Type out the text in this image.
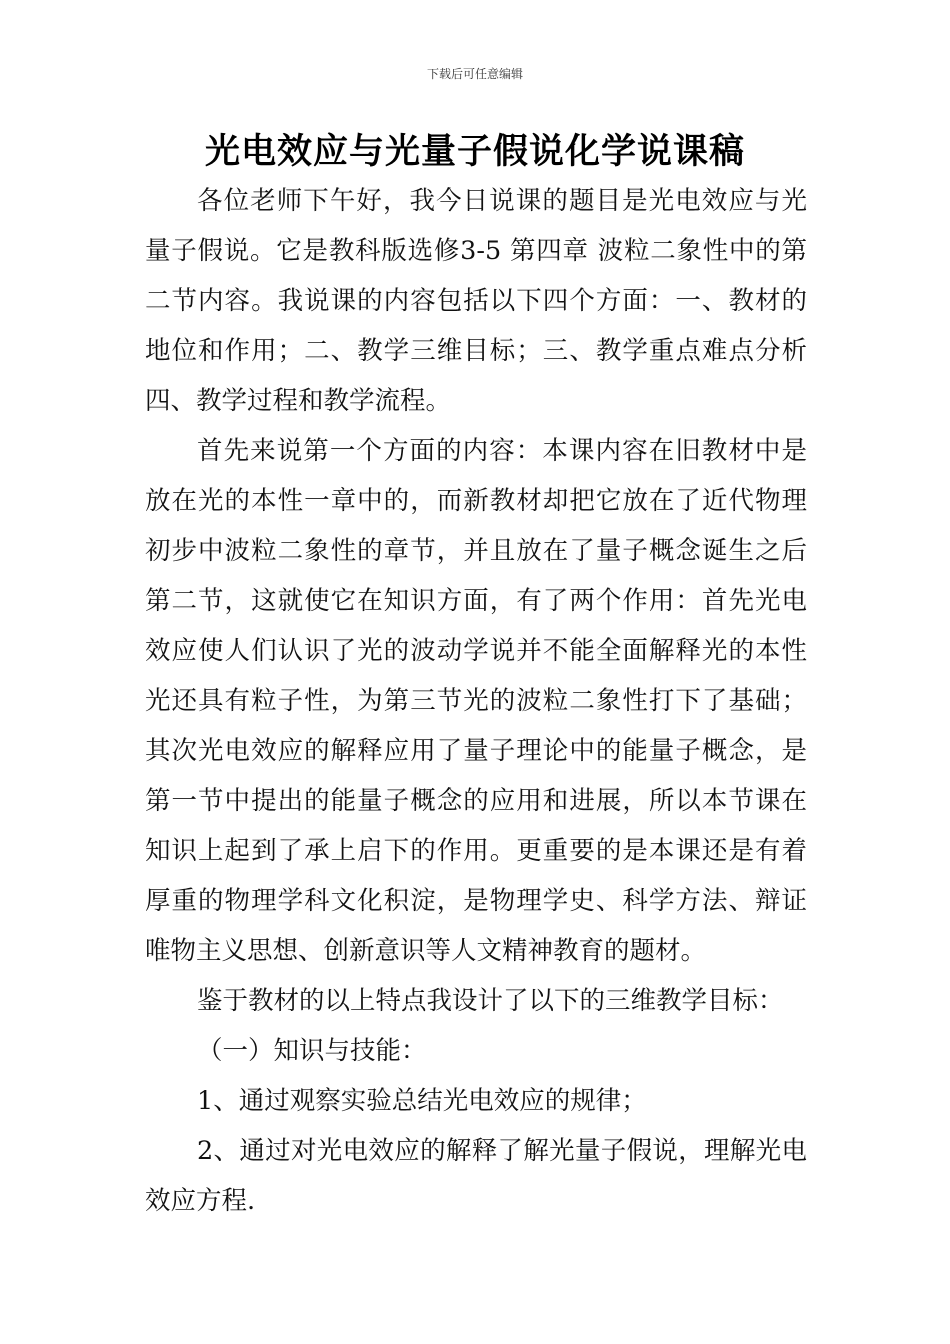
下载后可任意编辑
光电效应与光量子假说化学说课稿

各位老师下午好，我今日说课的题目是光电效应与光量子假说。它是教科版选修3-5 第四章 波粒二象性中的第二节内容。我说课的内容包括以下四个方面：一、教材的地位和作用；二、教学三维目标；三、教学重点难点分析四、教学过程和教学流程。

首先来说第一个方面的内容：本课内容在旧教材中是放在光的本性一章中的，而新教材却把它放在了近代物理初步中波粒二象性的章节，并且放在了量子概念诞生之后第二节，这就使它在知识方面，有了两个作用：首先光电效应使人们认识了光的波动学说并不能全面解释光的本性光还具有粒子性，为第三节光的波粒二象性打下了基础；其次光电效应的解释应用了量子理论中的能量子概念，是第一节中提出的能量子概念的应用和进展，所以本节课在知识上起到了承上启下的作用。更重要的是本课还是有着厚重的物理学科文化积淀，是物理学史、科学方法、辩证唯物主义思想、创新意识等人文精神教育的题材。

鉴于教材的以上特点我设计了以下的三维教学目标：

（一）知识与技能：

1、通过观察实验总结光电效应的规律；

2、通过对光电效应的解释了解光量子假说，理解光电效应方程.
